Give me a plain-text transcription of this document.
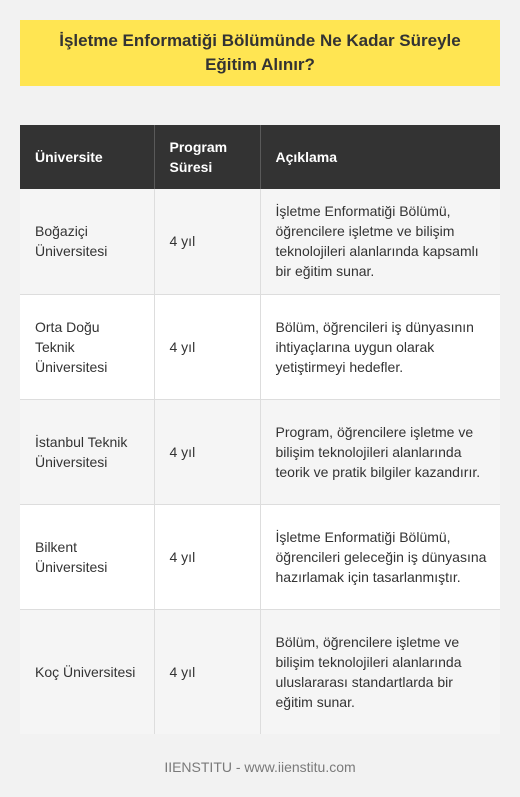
İşletme Enformatiği Bölümünde Ne Kadar Süreyle Eğitim Alınır?
Üniversite	Program Süresi	Açıklama
Boğaziçi Üniversitesi	4 yıl	İşletme Enformatiği Bölümü, öğrencilere işletme ve bilişim teknolojileri alanlarında kapsamlı bir eğitim sunar.
Orta Doğu Teknik Üniversitesi	4 yıl	Bölüm, öğrencileri iş dünyasının ihtiyaçlarına uygun olarak yetiştirmeyi hedefler.
İstanbul Teknik Üniversitesi	4 yıl	Program, öğrencilere işletme ve bilişim teknolojileri alanlarında teorik ve pratik bilgiler kazandırır.
Bilkent Üniversitesi	4 yıl	İşletme Enformatiği Bölümü, öğrencileri geleceğin iş dünyasına hazırlamak için tasarlanmıştır.
Koç Üniversitesi	4 yıl	Bölüm, öğrencilere işletme ve bilişim teknolojileri alanlarında uluslararası standartlarda bir eğitim sunar.
IIENSTITU - www.iienstitu.com
